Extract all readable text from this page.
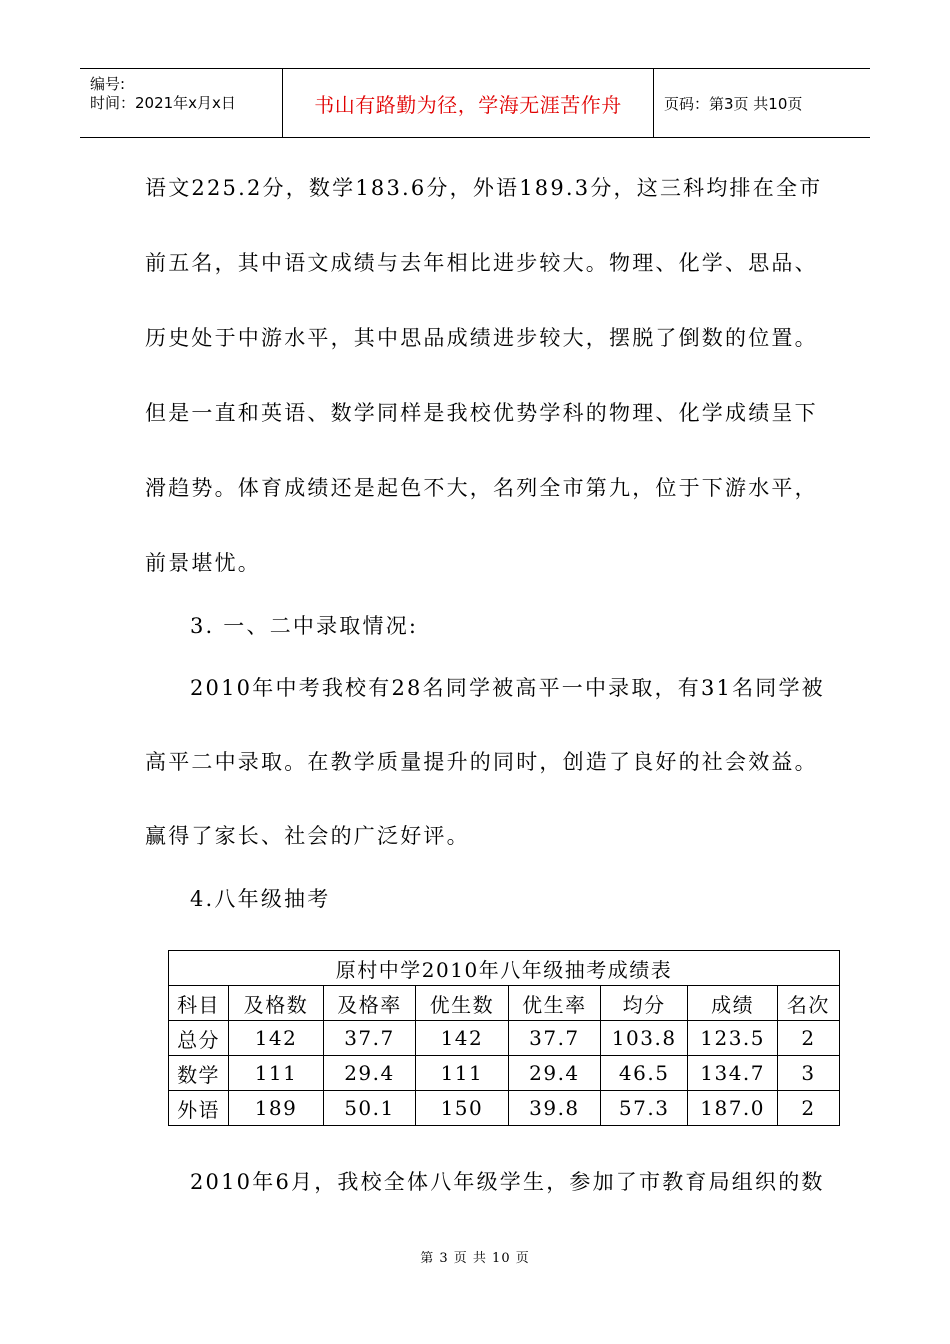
编号:
时间：2021年x月x日	书山有路勤为径，学海无涯苦作舟	页码：第3页 共10页
语文225.2分，数学183.6分，外语189.3分，这三科均排在全市
前五名，其中语文成绩与去年相比进步较大。物理、化学、思品、
历史处于中游水平，其中思品成绩进步较大，摆脱了倒数的位置。
但是一直和英语、数学同样是我校优势学科的物理、化学成绩呈下
滑趋势。体育成绩还是起色不大，名列全市第九，位于下游水平，
前景堪忧。
3. 一、二中录取情况:
2010年中考我校有28名同学被高平一中录取，有31名同学被
高平二中录取。在教学质量提升的同时，创造了良好的社会效益。
赢得了家长、社会的广泛好评。
4.八年级抽考
原村中学2010年八年级抽考成绩表							
科目	及格数	及格率	优生数	优生率	均分	成绩	名次
总分	142	37.7	142	37.7	103.8	123.5	2
数学	111	29.4	111	29.4	46.5	134.7	3
外语	189	50.1	150	39.8	57.3	187.0	2
2010年6月，我校全体八年级学生，参加了市教育局组织的数
第 3 页 共 10 页
